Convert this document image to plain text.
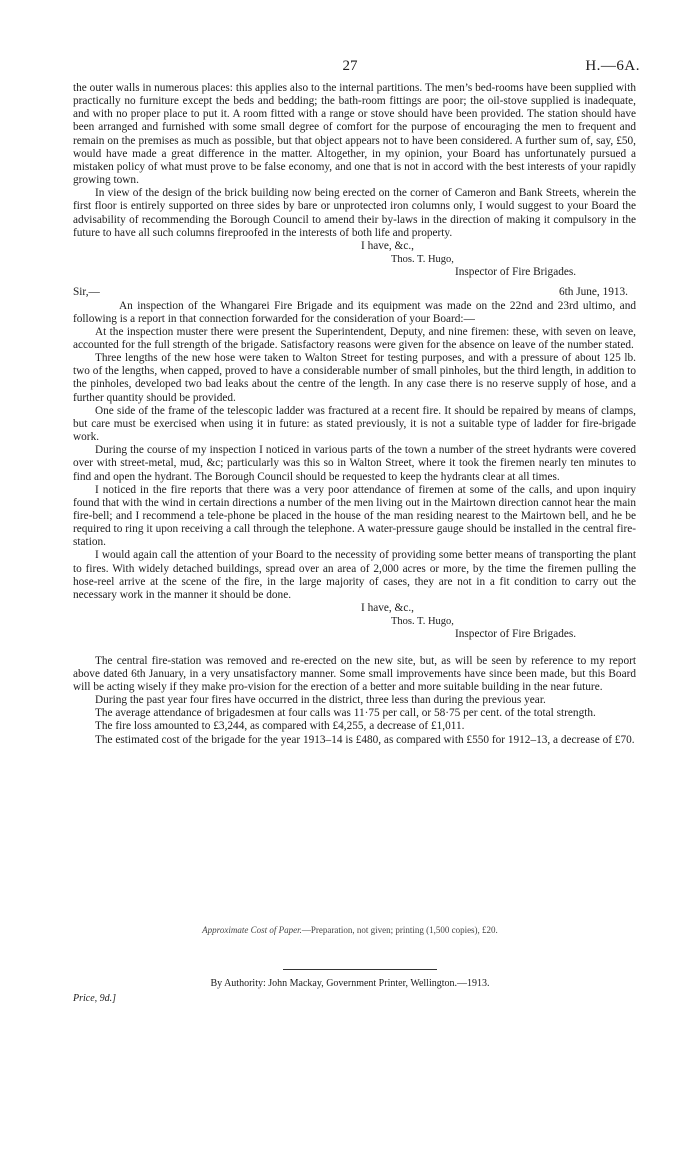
27	H.—6A.

the outer walls in numerous places: this applies also to the internal partitions. The men’s bed-rooms have been supplied with practically no furniture except the beds and bedding; the bath-room fittings are poor; the oil-stove supplied is inadequate, and with no proper place to put it. A room fitted with a range or stove should have been provided. The station should have been arranged and furnished with some small degree of comfort for the purpose of encouraging the men to frequent and remain on the premises as much as possible, but that object appears not to have been considered. A further sum of, say, £50, would have made a great difference in the matter. Altogether, in my opinion, your Board has unfortunately pursued a mistaken policy of what must prove to be false economy, and one that is not in accord with the best interests of your rapidly growing town.

In view of the design of the brick building now being erected on the corner of Cameron and Bank Streets, wherein the first floor is entirely supported on three sides by bare or unprotected iron columns only, I would suggest to your Board the advisability of recommending the Borough Council to amend their by-laws in the direction of making it compulsory in the future to have all such columns fireproofed in the interests of both life and property.

I have, &c.,
Thos. T. Hugo,
Inspector of Fire Brigades.
Sir,—	6th June, 1913.

An inspection of the Whangarei Fire Brigade and its equipment was made on the 22nd and 23rd ultimo, and following is a report in that connection forwarded for the consideration of your Board:—

At the inspection muster there were present the Superintendent, Deputy, and nine firemen: these, with seven on leave, accounted for the full strength of the brigade. Satisfactory reasons were given for the absence on leave of the number stated.

Three lengths of the new hose were taken to Walton Street for testing purposes, and with a pressure of about 125 lb. two of the lengths, when capped, proved to have a considerable number of small pinholes, but the third length, in addition to the pinholes, developed two bad leaks about the centre of the length. In any case there is no reserve supply of hose, and a further quantity should be provided.

One side of the frame of the telescopic ladder was fractured at a recent fire. It should be repaired by means of clamps, but care must be exercised when using it in future: as stated previously, it is not a suitable type of ladder for fire-brigade work.

During the course of my inspection I noticed in various parts of the town a number of the street hydrants were covered over with street-metal, mud, &c; particularly was this so in Walton Street, where it took the firemen nearly ten minutes to find and open the hydrant. The Borough Council should be requested to keep the hydrants clear at all times.

I noticed in the fire reports that there was a very poor attendance of firemen at some of the calls, and upon inquiry found that with the wind in certain directions a number of the men living out in the Mairtown direction cannot hear the main fire-bell; and I recommend a tele-phone be placed in the house of the man residing nearest to the Mairtown bell, and he be required to ring it upon receiving a call through the telephone. A water-pressure gauge should be installed in the central fire-station.

I would again call the attention of your Board to the necessity of providing some better means of transporting the plant to fires. With widely detached buildings, spread over an area of 2,000 acres or more, by the time the firemen pulling the hose-reel arrive at the scene of the fire, in the large majority of cases, they are not in a fit condition to carry out the necessary work in the manner it should be done.

I have, &c.,
Thos. T. Hugo,
Inspector of Fire Brigades.

The central fire-station was removed and re-erected on the new site, but, as will be seen by reference to my report above dated 6th January, in a very unsatisfactory manner. Some small improvements have since been made, but this Board will be acting wisely if they make pro-vision for the erection of a better and more suitable building in the near future.

During the past year four fires have occurred in the district, three less than during the previous year.

The average attendance of brigadesmen at four calls was 11·75 per call, or 58·75 per cent. of the total strength.

The fire loss amounted to £3,244, as compared with £4,255, a decrease of £1,011.

The estimated cost of the brigade for the year 1913–14 is £480, as compared with £550 for 1912–13, a decrease of £70.

Approximate Cost of Paper.—Preparation, not given; printing (1,500 copies), £20.
By Authority: John Mackay, Government Printer, Wellington.—1913.
Price, 9d.]
